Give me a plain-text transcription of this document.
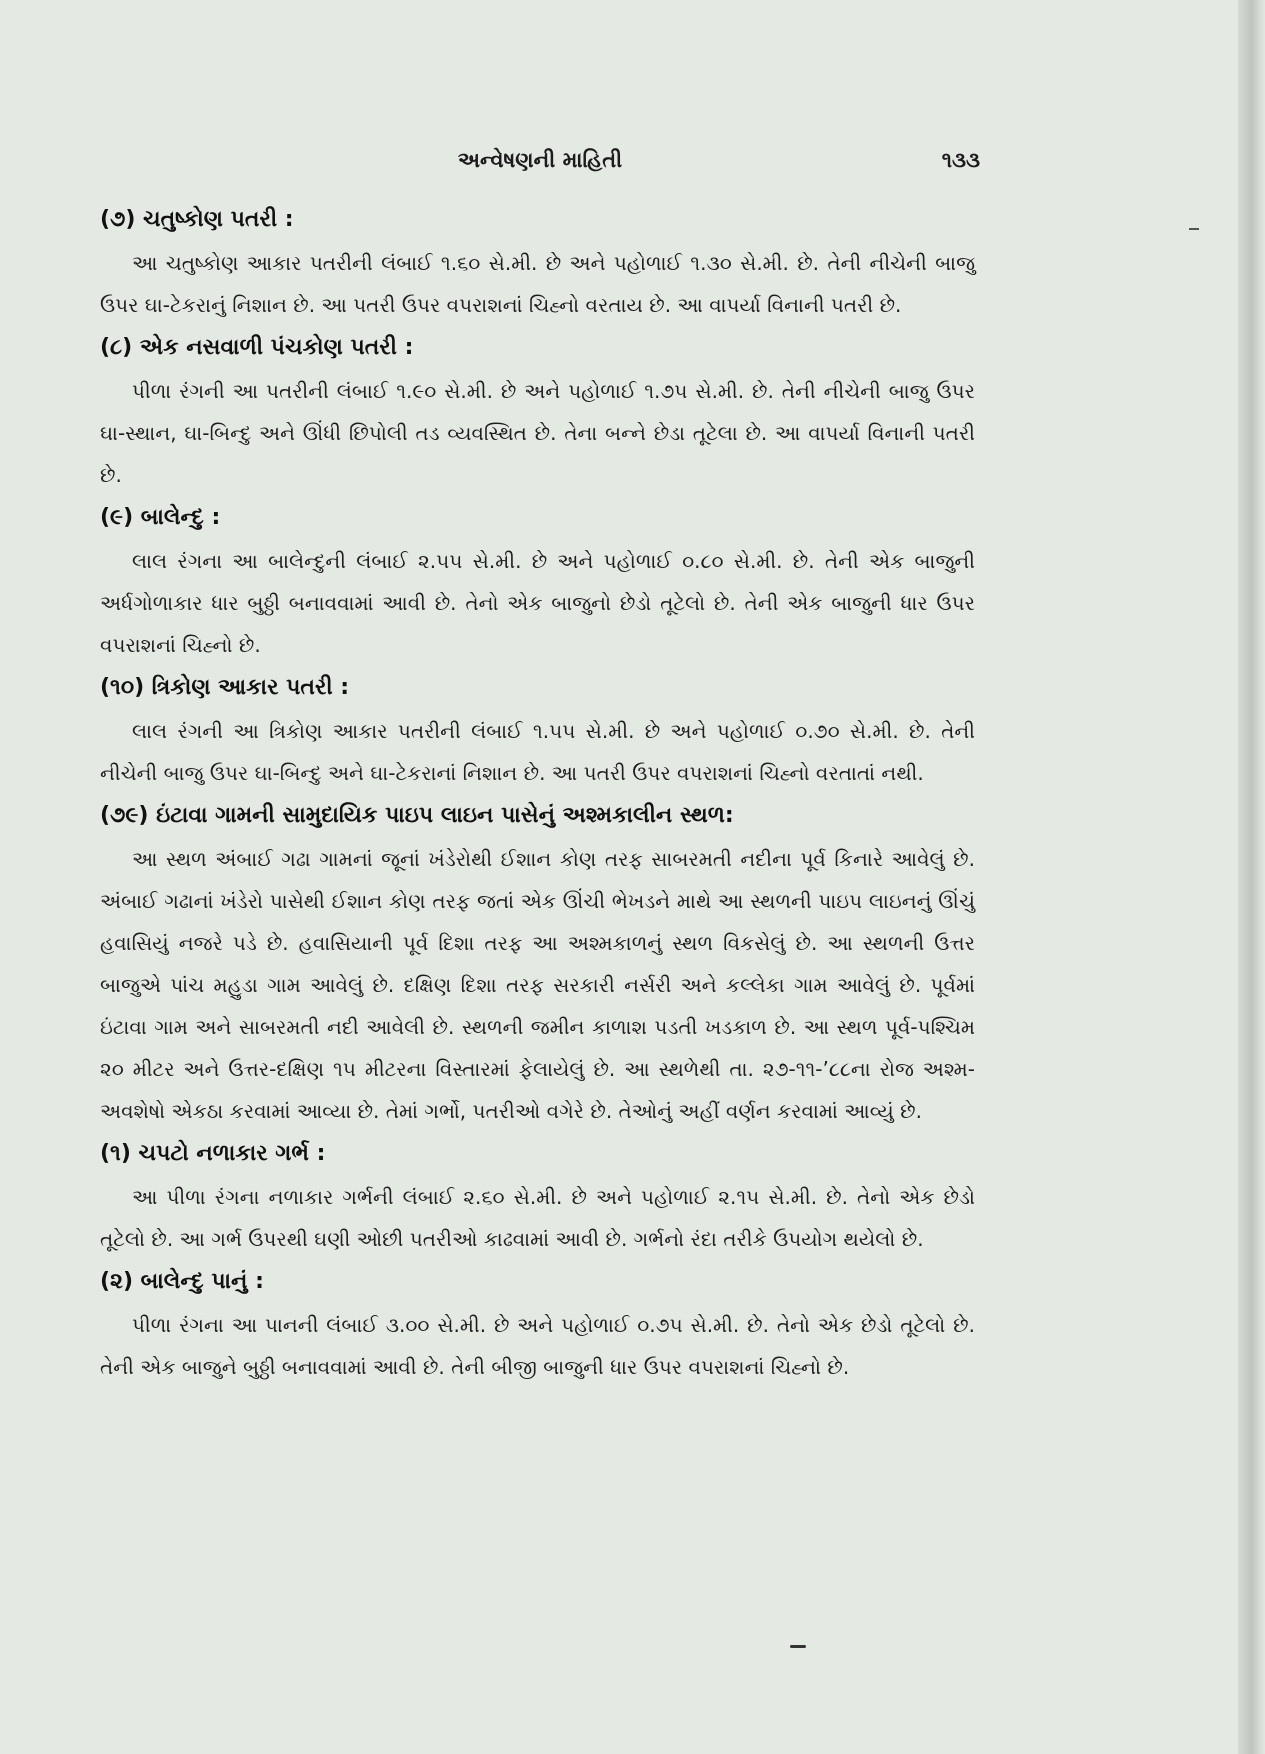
અન્વેષણની માહિતી	૧૩૩
(૭) ચતુષ્કોણ પતરી :

આ ચતુષ્કોણ આકાર પતરીની લંબાઈ ૧.૬૦ સે.મી. છે અને પહોળાઈ ૧.૩૦ સે.મી. છે. તેની નીચેની બાજુ ઉપર ઘા-ટેકરાનું નિશાન છે. આ પતરી ઉપર વપરાશનાં ચિહ્નો વરતાય છે. આ વાપર્યા વિનાની પતરી છે.

(૮) એક નસવાળી પંચકોણ પતરી :

પીળા રંગની આ પતરીની લંબાઈ ૧.૯૦ સે.મી. છે અને પહોળાઈ ૧.૭૫ સે.મી. છે. તેની નીચેની બાજુ ઉપર ઘા-સ્થાન, ઘા-બિન્દુ અને ઊંધી છિપોલી તડ વ્યવસ્થિત છે. તેના બન્ને છેડા તૂટેલા છે. આ વાપર્યા વિનાની પતરી છે.

(૯) બાલેન્દુ :

લાલ રંગના આ બાલેન્દુની લંબાઈ ૨.૫૫ સે.મી. છે અને પહોળાઈ ૦.૮૦ સે.મી. છે. તેની એક બાજુની અર્ધગોળાકાર ધાર બુઠ્ઠી બનાવવામાં આવી છે. તેનો એક બાજુનો છેડો તૂટેલો છે. તેની એક બાજુની ધાર ઉપર વપરાશનાં ચિહ્નો છે.

(૧૦) ત્રિકોણ આકાર પતરી :

લાલ રંગની આ ત્રિકોણ આકાર પતરીની લંબાઈ ૧.૫૫ સે.મી. છે અને પહોળાઈ ૦.૭૦ સે.મી. છે. તેની નીચેની બાજુ ઉપર ઘા-બિન્દુ અને ઘા-ટેકરાનાં નિશાન છે. આ પતરી ઉપર વપરાશનાં ચિહ્નો વરતાતાં નથી.

(૭૯) ઇંટાવા ગામની સામુદાયિક પાઇપ લાઇન પાસેનું અશ્મકાલીન સ્થળ:

આ સ્થળ અંબાઈ ગઢા ગામનાં જૂનાં ખંડેરોથી ઈશાન કોણ તરફ સાબરમતી નદીના પૂર્વ કિનારે આવેલું છે. અંબાઈ ગઢાનાં ખંડેરો પાસેથી ઈશાન કોણ તરફ જતાં એક ઊંચી ભેખડને માથે આ સ્થળની પાઇપ લાઇનનું ઊંચું હવાસિયું નજરે પડે છે. હવાસિયાની પૂર્વ દિશા તરફ આ અશ્મકાળનું સ્થળ વિકસેલું છે. આ સ્થળની ઉત્તર બાજુએ પાંચ મહુડા ગામ આવેલું છે. દક્ષિણ દિશા તરફ સરકારી નર્સરી અને કલ્લેકા ગામ આવેલું છે. પૂર્વમાં ઇંટાવા ગામ અને સાબરમતી નદી આવેલી છે. સ્થળની જમીન કાળાશ પડતી ખડકાળ છે. આ સ્થળ પૂર્વ-પશ્ચિમ ૨૦ મીટર અને ઉત્તર-દક્ષિણ ૧૫ મીટરના વિસ્તારમાં ફેલાયેલું છે. આ સ્થળેથી તા. ૨૭-૧૧-’૮૮ના રોજ અશ્મ-અવશેષો એકઠા કરવામાં આવ્યા છે. તેમાં ગર્ભો, પતરીઓ વગેરે છે. તેઓનું અહીં વર્ણન કરવામાં આવ્યું છે.

(૧) ચપટો નળાકાર ગર્ભ :

આ પીળા રંગના નળાકાર ગર્ભની લંબાઈ ૨.૬૦ સે.મી. છે અને પહોળાઈ ૨.૧૫ સે.મી. છે. તેનો એક છેડો તૂટેલો છે. આ ગર્ભ ઉપરથી ઘણી ઓછી પતરીઓ કાઢવામાં આવી છે. ગર્ભનો રંદા તરીકે ઉપયોગ થયેલો છે.

(૨) બાલેન્દુ પાનું :

પીળા રંગના આ પાનની લંબાઈ ૩.૦૦ સે.મી. છે અને પહોળાઈ ૦.૭૫ સે.મી. છે. તેનો એક છેડો તૂટેલો છે. તેની એક બાજુને બુઠ્ઠી બનાવવામાં આવી છે. તેની બીજી બાજુની ધાર ઉપર વપરાશનાં ચિહ્નો છે.
